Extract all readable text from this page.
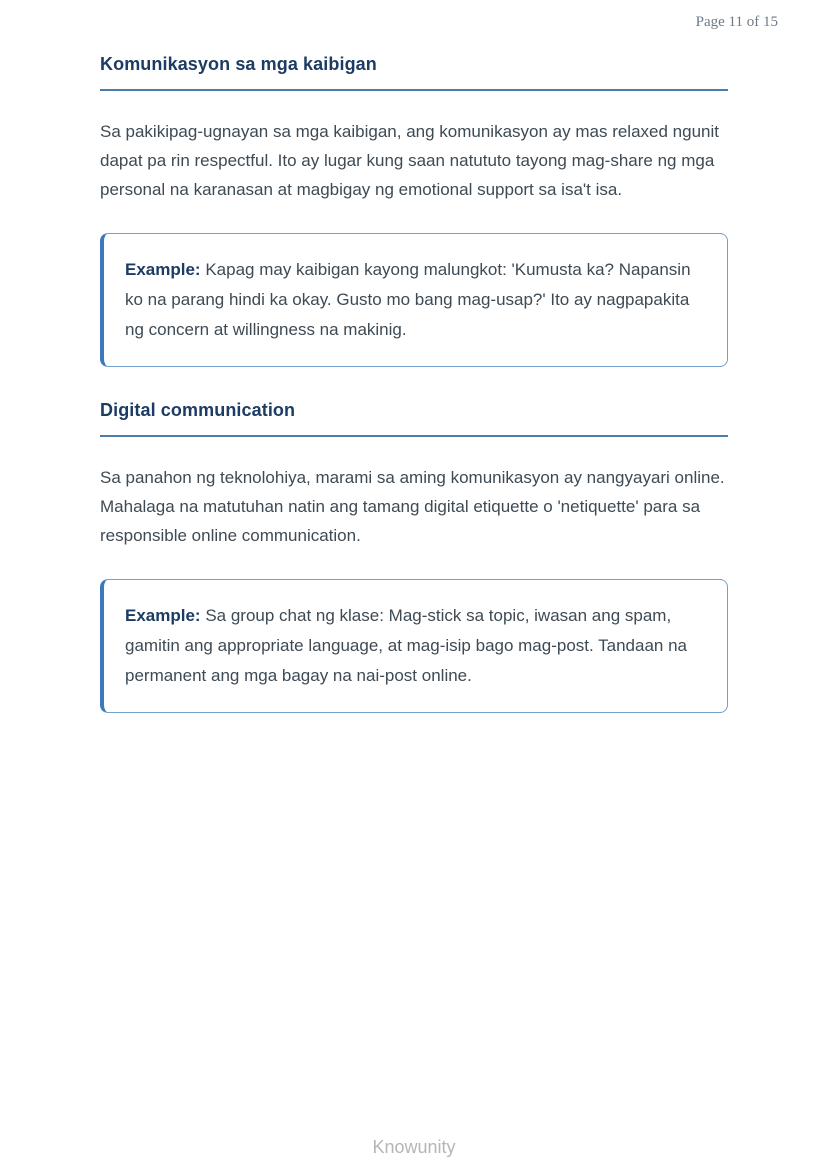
Page 11 of 15
Komunikasyon sa mga kaibigan

Sa pakikipag-ugnayan sa mga kaibigan, ang komunikasyon ay mas relaxed ngunit dapat pa rin respectful. Ito ay lugar kung saan natututo tayong mag-share ng mga personal na karanasan at magbigay ng emotional support sa isa't isa.

Example: Kapag may kaibigan kayong malungkot: 'Kumusta ka? Napansin ko na parang hindi ka okay. Gusto mo bang mag-usap?' Ito ay nagpapakita ng concern at willingness na makinig.

Digital communication

Sa panahon ng teknolohiya, marami sa aming komunikasyon ay nangyayari online. Mahalaga na matutuhan natin ang tamang digital etiquette o 'netiquette' para sa responsible online communication.

Example: Sa group chat ng klase: Mag-stick sa topic, iwasan ang spam, gamitin ang appropriate language, at mag-isip bago mag-post. Tandaan na permanent ang mga bagay na nai-post online.

Knowunity
